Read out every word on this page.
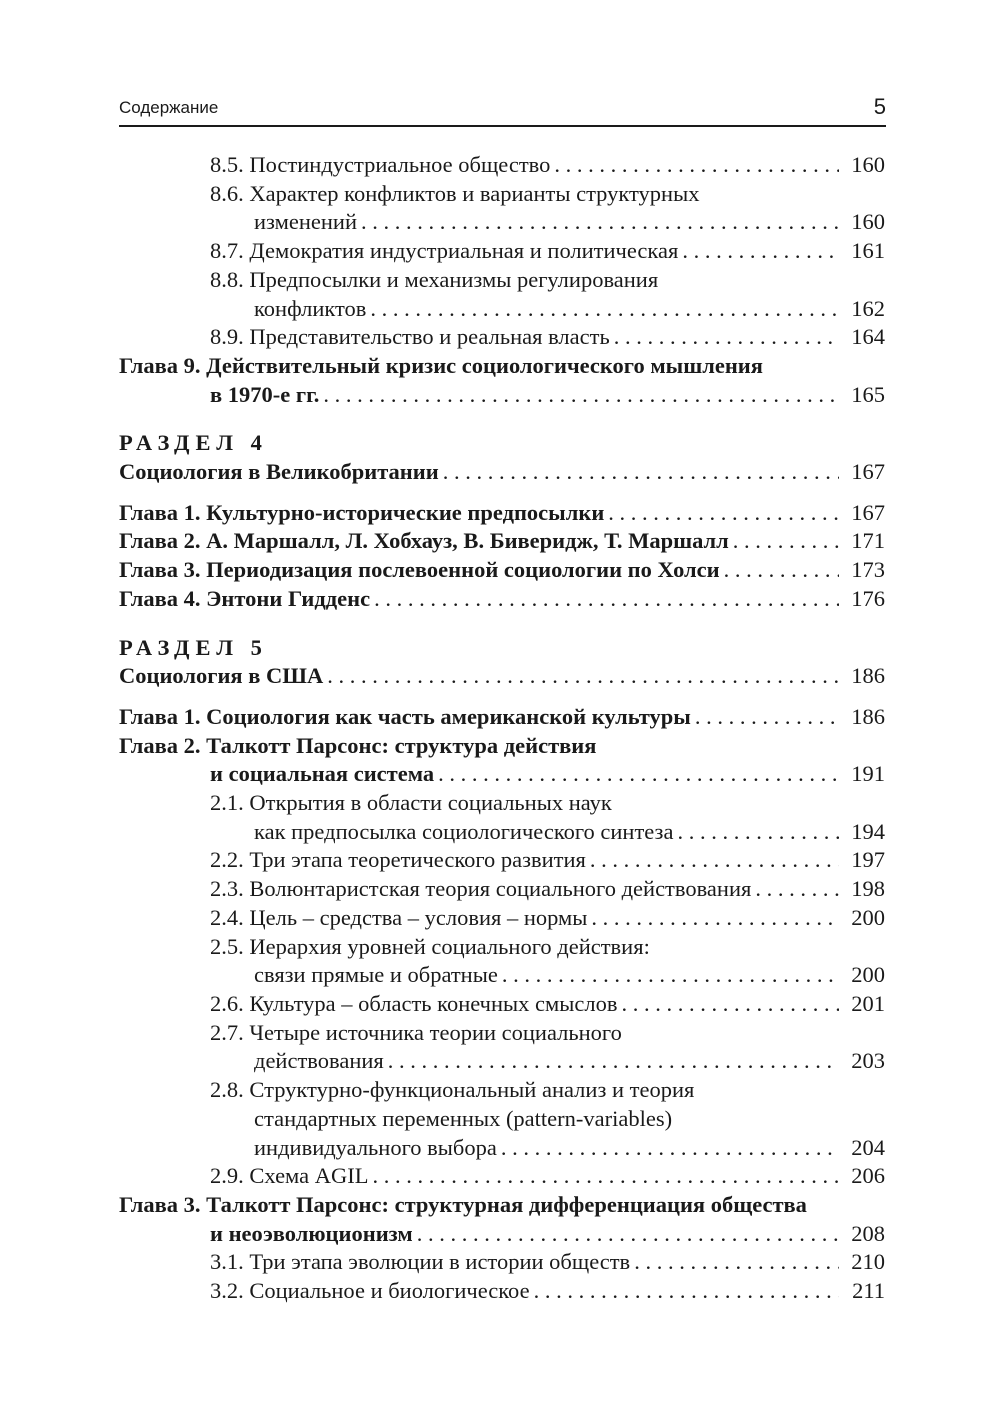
Содержание	5
8.5. Постиндустриальное общество . . .	160
8.6. Характер конфликтов и варианты структурных
изменений . . .	160
8.7. Демократия индустриальная и политическая . . .	161
8.8. Предпосылки и механизмы регулирования
конфликтов . . .	162
8.9. Представительство и реальная власть . . .	164
Глава 9. Действительный кризис социологического мышления
в 1970-е гг. . . .	165
РАЗДЕЛ 4
Социология в Великобритании . . .	167
Глава 1. Культурно-исторические предпосылки . . .	167
Глава 2. А. Маршалл, Л. Хобхауз, В. Биверидж, Т. Маршалл . . .	171
Глава 3. Периодизация послевоенной социологии по Холси . . .	173
Глава 4. Энтони Гидденс . . .	176
РАЗДЕЛ 5
Социология в США . . .	186
Глава 1. Социология как часть американской культуры . . .	186
Глава 2. Талкотт Парсонс: структура действия
и социальная система . . .	191
2.1. Открытия в области социальных наук
как предпосылка социологического синтеза . . .	194
2.2. Три этапа теоретического развития . . .	197
2.3. Волюнтаристская теория социального действования . . .	198
2.4. Цель – средства – условия – нормы . . .	200
2.5. Иерархия уровней социального действия:
связи прямые и обратные . . .	200
2.6. Культура – область конечных смыслов . . .	201
2.7. Четыре источника теории социального
действования . . .	203
2.8. Структурно-функциональный анализ и теория
стандартных переменных (pattern-variables)
индивидуального выбора . . .	204
2.9. Схема AGIL . . .	206
Глава 3. Талкотт Парсонс: структурная дифференциация общества
и неоэволюционизм . . .	208
3.1. Три этапа эволюции в истории обществ . . .	210
3.2. Социальное и биологическое . . .	211
